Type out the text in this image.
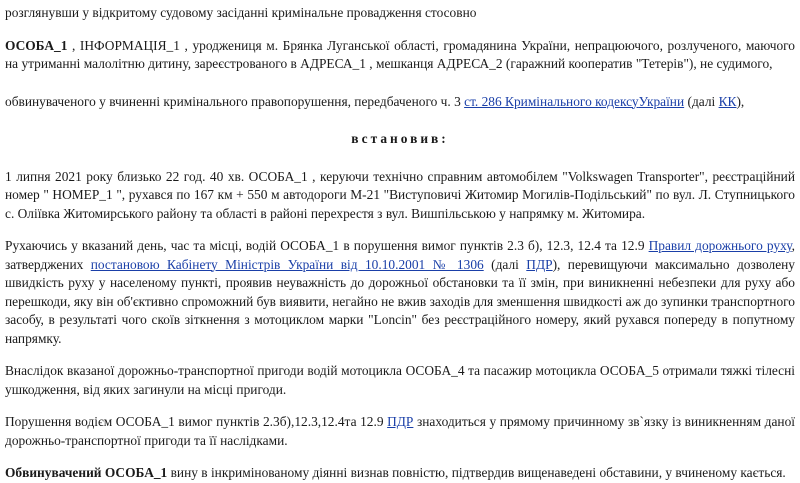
розглянувши у відкритому судовому засіданні кримінальне провадження стосовно

ОСОБА_1 , ІНФОРМАЦІЯ_1 , уроджениця м. Брянка Луганської області, громадянина України, непрацюючого, розлученого, маючого на утриманні малолітню дитину, зареєстрованого в АДРЕСА_1 , мешканця АДРЕСА_2 (гаражний кооператив "Тетерів"), не судимого,

обвинуваченого у вчиненні кримінального правопорушення, передбаченого ч. 3 ст. 286 Кримінального кодексуУкраїни (далі КК),

встановив:

1 липня 2021 року близько 22 год. 40 хв. ОСОБА_1 , керуючи технічно справним автомобілем "Volkswagen Transporter", реєстраційний номер " НОМЕР_1 ", рухався по 167 км + 550 м автодороги М-21 "Виступовичі Житомир Могилів-Подільський" по вул. Л. Ступницького с. Оліївка Житомирського району та області в районі перехрестя з вул. Вишпільською у напрямку м. Житомира.

Рухаючись у вказаний день, час та місці, водій ОСОБА_1 в порушення вимог пунктів 2.3 б), 12.3, 12.4 та 12.9 Правил дорожнього руху, затверджених постановою Кабінету Міністрів України від 10.10.2001 № 1306 (далі ПДР), перевищуючи максимально дозволену швидкість руху у населеному пункті, проявив неуважність до дорожньої обстановки та її змін, при виникненні небезпеки для руху або перешкоди, яку він об'єктивно спроможний був виявити, негайно не вжив заходів для зменшення швидкості аж до зупинки транспортного засобу, в результаті чого скоїв зіткнення з мотоциклом марки "Loncin" без реєстраційного номеру, який рухався попереду в попутному напрямку.

Внаслідок вказаної дорожньо-транспортної пригоди водій мотоцикла ОСОБА_4 та пасажир мотоцикла ОСОБА_5 отримали тяжкі тілесні ушкодження, від яких загинули на місці пригоди.

Порушення водієм ОСОБА_1 вимог пунктів 2.3б),12.3,12.4та 12.9 ПДР знаходиться у прямому причинному зв`язку із виникненням даної дорожньо-транспортної пригоди та її наслідками.

Обвинувачений ОСОБА_1 вину в інкримінованому діянні визнав повністю, підтвердив вищенаведені обставини, у вчиненому кається.
